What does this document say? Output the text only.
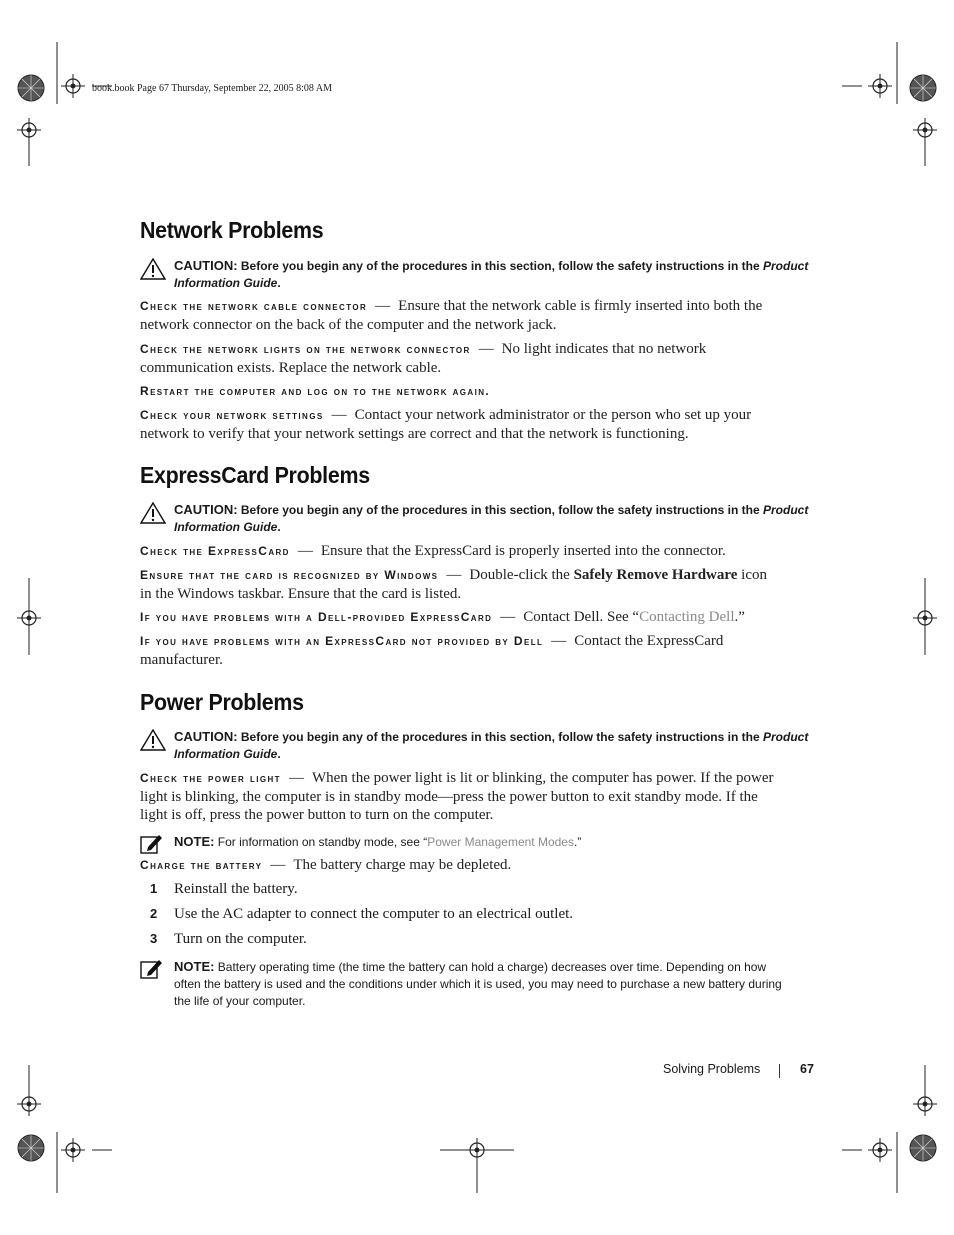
book.book Page 67 Thursday, September 22, 2005 8:08 AM
Network Problems
CAUTION: Before you begin any of the procedures in this section, follow the safety instructions in the Product
Information Guide.
Check the network cable connector — Ensure that the network cable is firmly inserted into both the
network connector on the back of the computer and the network jack.
Check the network lights on the network connector — No light indicates that no network
communication exists. Replace the network cable.
Restart the computer and log on to the network again.
Check your network settings — Contact your network administrator or the person who set up your
network to verify that your network settings are correct and that the network is functioning.
ExpressCard Problems
CAUTION: Before you begin any of the procedures in this section, follow the safety instructions in the Product
Information Guide.
Check the ExpressCard — Ensure that the ExpressCard is properly inserted into the connector.
Ensure that the card is recognized by Windows — Double-click the Safely Remove Hardware icon
in the Windows taskbar. Ensure that the card is listed.
If you have problems with a Dell-provided ExpressCard — Contact Dell. See “Contacting Dell.”
If you have problems with an ExpressCard not provided by Dell — Contact the ExpressCard
manufacturer.
Power Problems
CAUTION: Before you begin any of the procedures in this section, follow the safety instructions in the Product
Information Guide.
Check the power light — When the power light is lit or blinking, the computer has power. If the power
light is blinking, the computer is in standby mode—press the power button to exit standby mode. If the
light is off, press the power button to turn on the computer.
NOTE: For information on standby mode, see “Power Management Modes.”
Charge the battery — The battery charge may be depleted.
1 Reinstall the battery.
2 Use the AC adapter to connect the computer to an electrical outlet.
3 Turn on the computer.
NOTE: Battery operating time (the time the battery can hold a charge) decreases over time. Depending on how
often the battery is used and the conditions under which it is used, you may need to purchase a new battery during
the life of your computer.
Solving Problems	67
